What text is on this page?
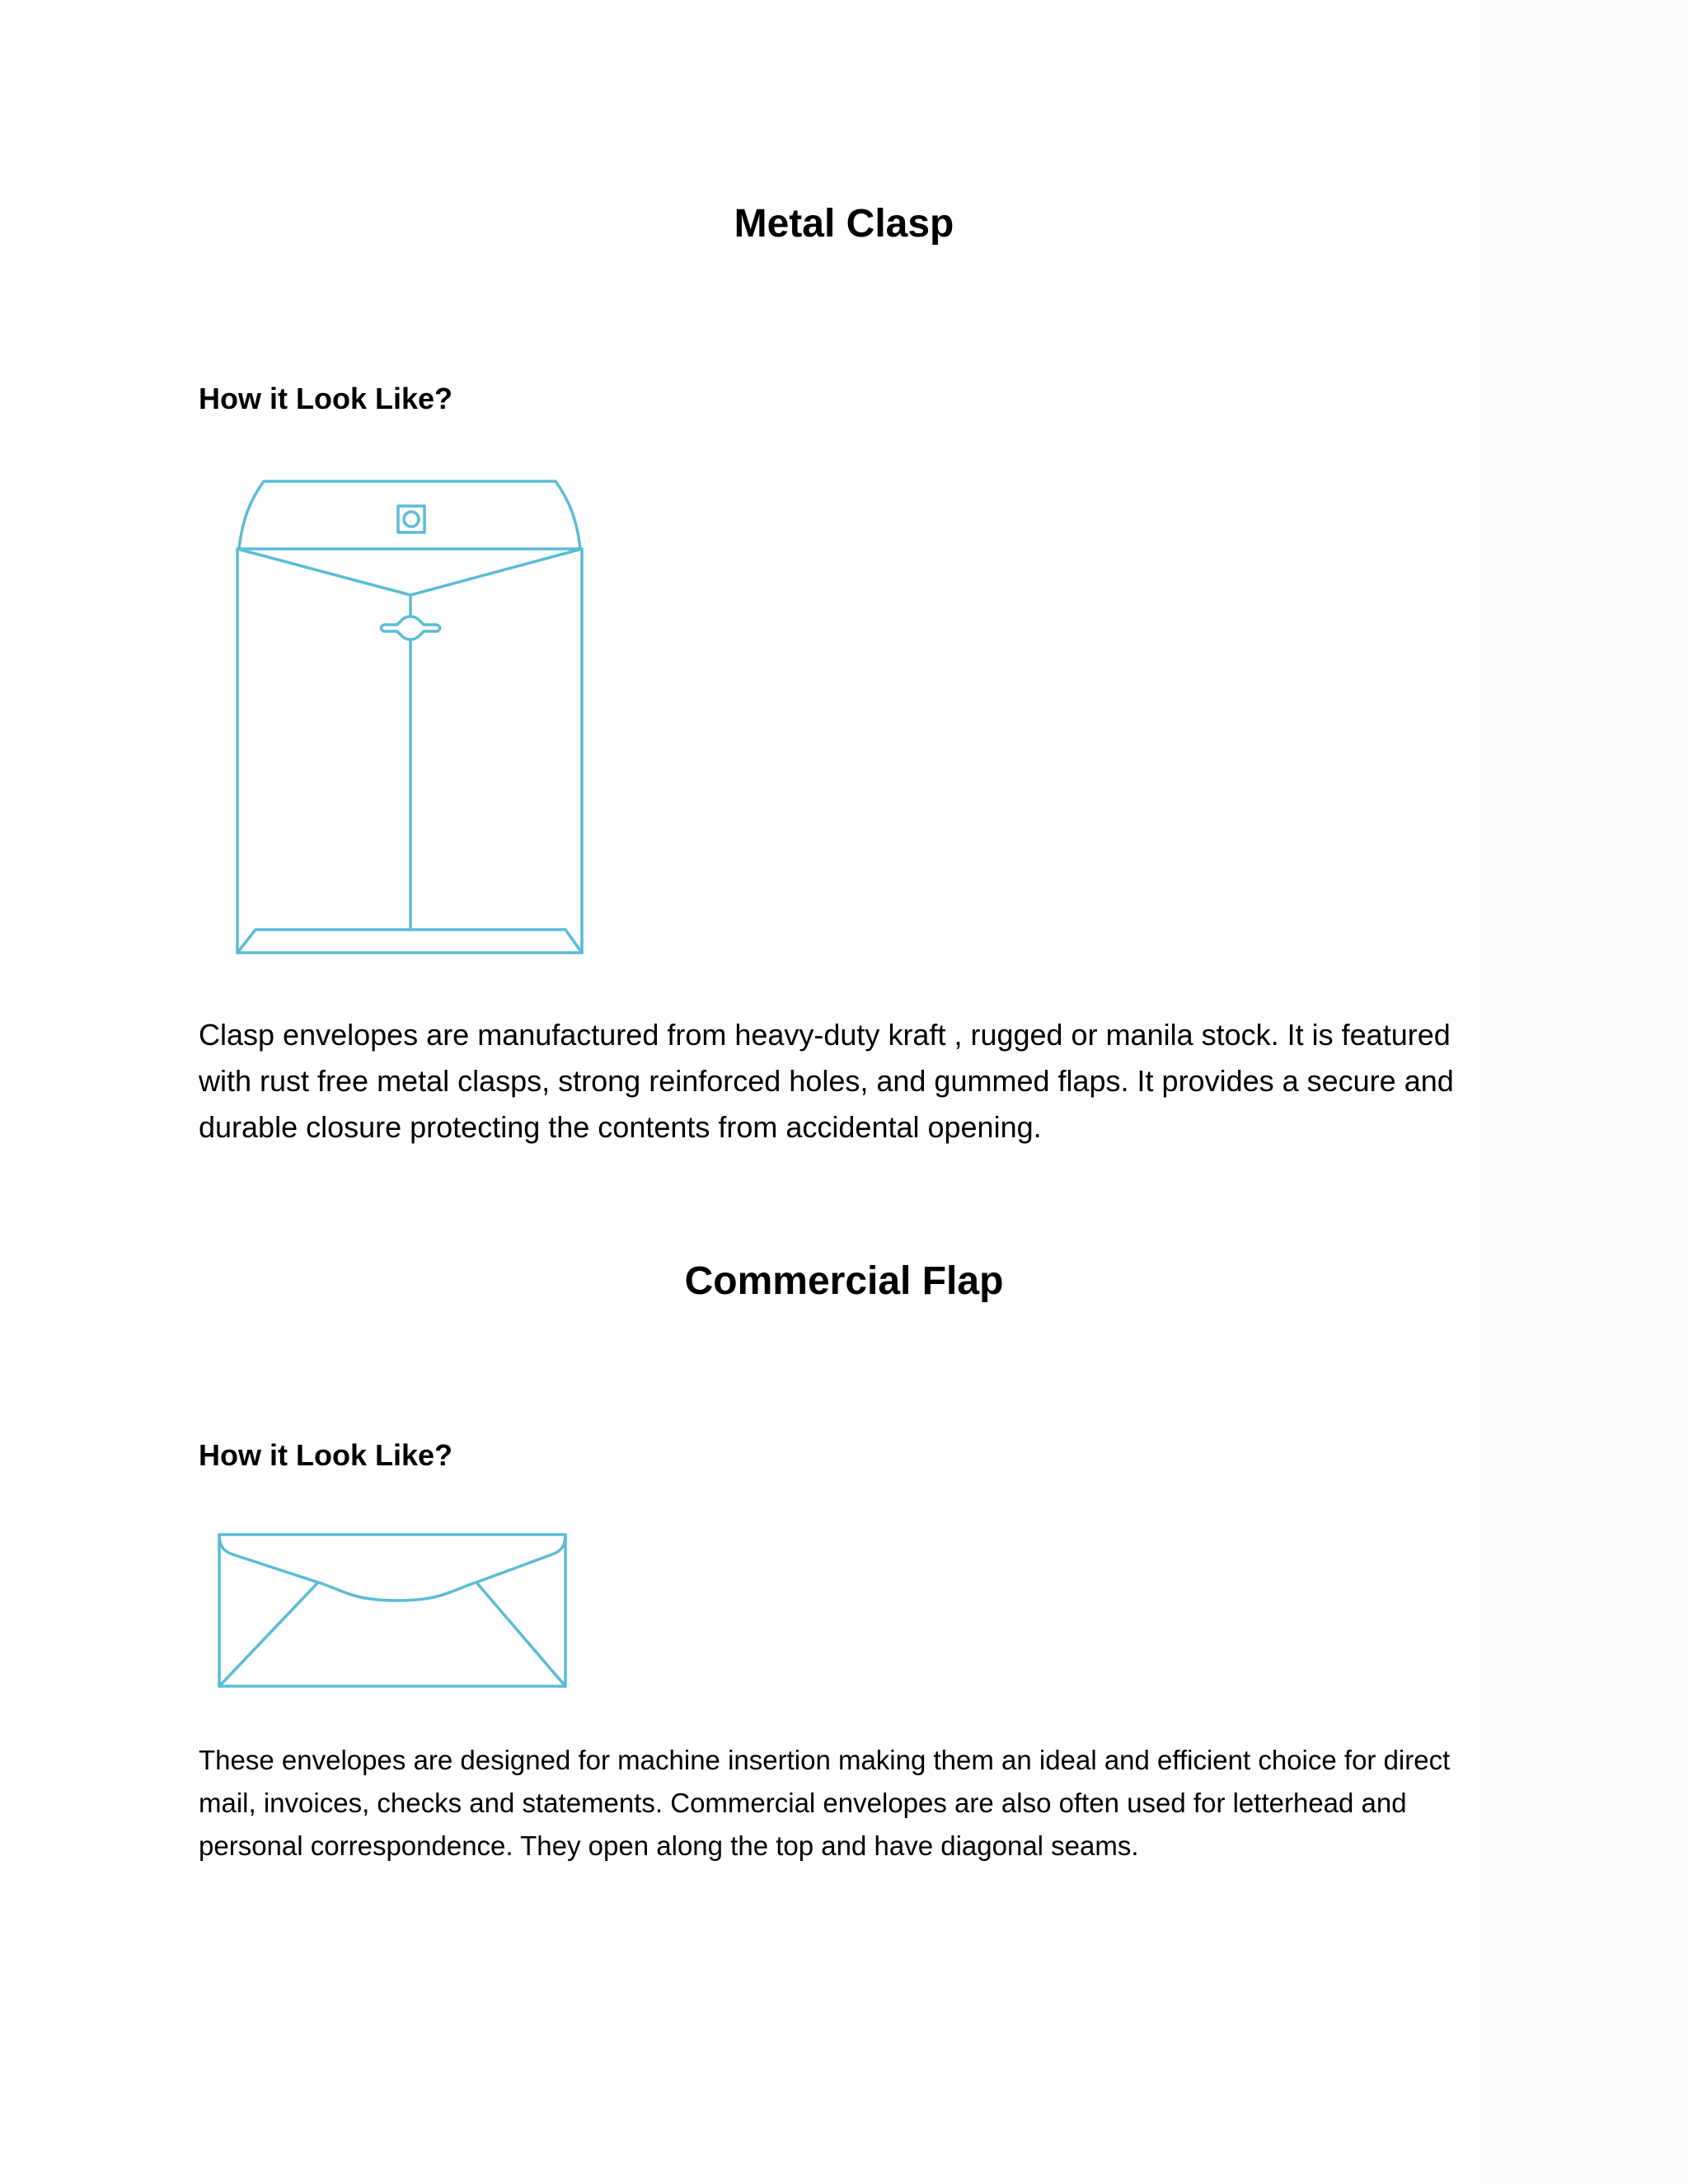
Metal Clasp
How it Look Like?

Clasp envelopes are manufactured from heavy-duty kraft , rugged or manila stock. It is featured with rust free metal clasps, strong reinforced holes, and gummed flaps. It provides a secure and durable closure protecting the contents from accidental opening.

Commercial Flap
How it Look Like?

These envelopes are designed for machine insertion making them an ideal and efficient choice for direct mail, invoices, checks and statements. Commercial envelopes are also often used for letterhead and personal correspondence. They open along the top and have diagonal seams.
